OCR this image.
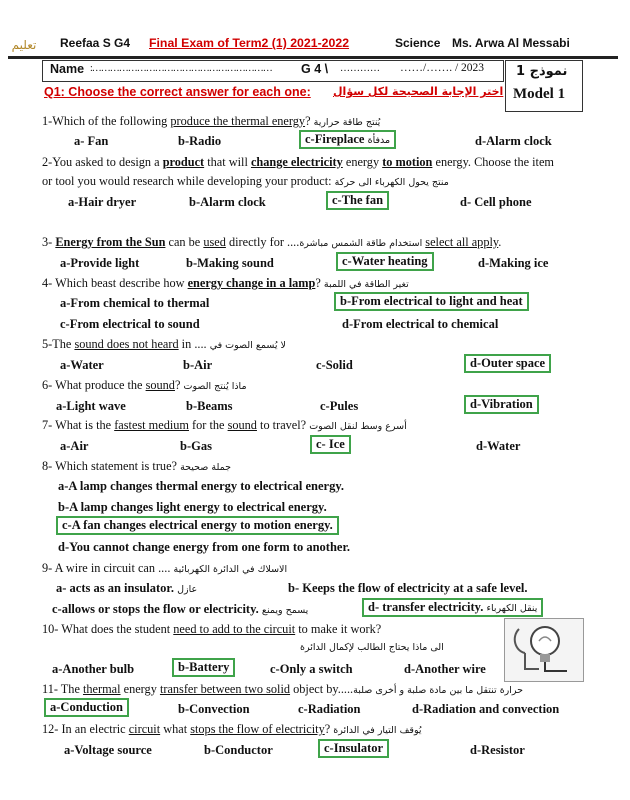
تعليم Reefaa S G4 Final Exam of Term2 (1) 2021-2022	Science Ms. Arwa Al Messabi
Name :…………………………………………………… G 4 \ ………… ……/……. / 2023 نموذج 1
Model 1
Q1: Choose the correct answer for each one: اختر الإجابة الصحيحة لكل سؤال
1-Which of the following produce the thermal energy? يُنتج طاقة حرارية
a- Fan	b-Radio	c-Fireplace مدفأة	d-Alarm clock
2-You asked to design a product that will change electricity energy to motion energy. Choose the item
or tool you would research while developing your product: منتج يحول الكهرباء الى حركة
a-Hair dryer	b-Alarm clock	c-The fan	d- Cell phone
3- Energy from the Sun can be used directly for ....استخدام طاقة الشمس مباشرة select all apply.
a-Provide light	b-Making sound	c-Water heating	d-Making ice
4- Which beast describe how energy change in a lamp? تغير الطاقة في اللمبة
a-From chemical to thermal	b-From electrical to light and heat
c-From electrical to sound	d-From electrical to chemical
5-The sound does not heard in .... لا يُسمع الصوت في
a-Water	b-Air	c-Solid	d-Outer space
6- What produce the sound? ماذا يُنتج الصوت
a-Light wave	b-Beams	c-Pules	d-Vibration
7- What is the fastest medium for the sound to travel? أسرع وسط لنقل الصوت
a-Air	b-Gas	c- Ice	d-Water
8- Which statement is true? جملة صحيحة
a-A lamp changes thermal energy to electrical energy.
b-A lamp changes light energy to electrical energy.
c-A fan changes electrical energy to motion energy.
d-You cannot change energy from one form to another.
9- A wire in circuit can .... الاسلاك في الدائرة الكهربائية
a- acts as an insulator. عازل	b- Keeps the flow of electricity at a safe level.
c-allows or stops the flow or electricity. يسمح ويمنع	d- transfer electricity. ينقل الكهرباء
10- What does the student need to add to the circuit to make it work?
الى ماذا يحتاج الطالب لإكمال الدائرة
a-Another bulb	b-Battery	c-Only a switch	d-Another wire
11- The thermal energy transfer between two solid object by.....حرارة تنتقل ما بين مادة صلبة و أخرى صلبة
a-Conduction	b-Convection	c-Radiation	d-Radiation and convection
12- In an electric circuit what stops the flow of electricity? يُوقف التيار في الدائرة
a-Voltage source	b-Conductor	c-Insulator	d-Resistor
